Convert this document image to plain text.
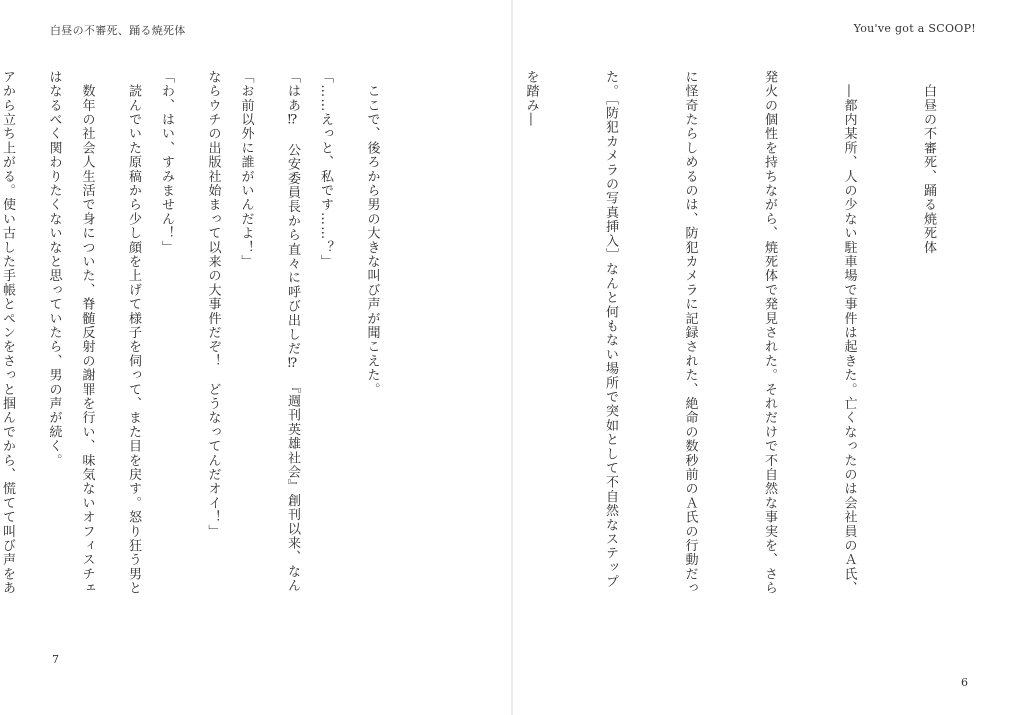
白昼の不審死、踊る焼死体

「……えっと、私です……？」

「お前以外に誰がいんだよ！」

「わ、はい、すみません！」

　数年の社会人生活で身についた、脊髄反射の謝罪を行い、味気ないオフィスチェ

アから立ち上がる。使い古した手帳とペンをさっと掴んでから、慌てて叫び声をあ

7
You've got a SCOOP!

　白昼の不審死、踊る焼死体

　―都内某所、人の少ない駐車場で事件は起きた。亡くなったのは会社員のＡ氏、

発火の個性を持ちながら、焼死体で発見された。それだけで不自然な事実を、さら

に怪奇たらしめるのは、防犯カメラに記録された、絶命の数秒前のＡ氏の行動だっ

た。［防犯カメラの写真挿入］なんと何もない場所で突如として不自然なステップ

を踏み―

　ここで、後ろから男の大きな叫び声が聞こえた。

「はあ⁉　公安委員長から直々に呼び出しだ⁉　『週刊英雄社会』創刊以来、なん

ならウチの出版社始まって以来の大事件だぞ！　どうなってんだオイ！」

　読んでいた原稿から少し顔を上げて様子を伺って、また目を戻す。怒り狂う男と

はなるべく関わりたくないなと思っていたら、男の声が続く。

6
